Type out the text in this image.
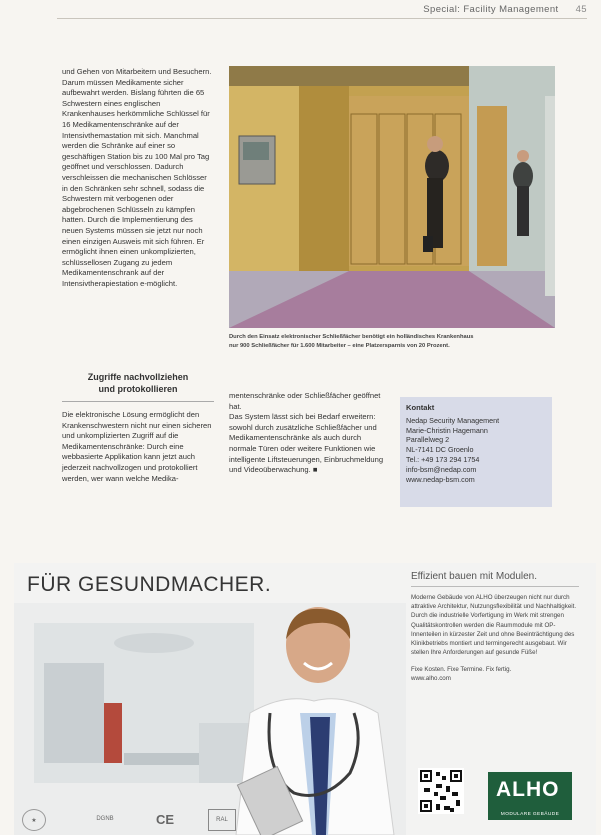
Special: Facility Management 45
und Gehen von Mitarbeitern und Besuchern. Darum müssen Medikamente sicher aufbewahrt werden. Bislang führten die 65 Schwestern eines englischen Krankenhauses herkömmliche Schlüssel für 16 Medikamentenschränke auf der Intensivthemastation mit sich. Manchmal werden die Schränke auf einer so geschäftigen Station bis zu 100 Mal pro Tag geöffnet und verschlossen. Dadurch verschleissen die mechanischen Schlösser in den Schränken sehr schnell, sodass die Schwestern mit verbogenen oder abgebrochenen Schlüsseln zu kämpfen hatten. Durch die Implementierung des neuen Systems müssen sie jetzt nur noch einen einzigen Ausweis mit sich führen. Er ermöglicht ihnen einen unkomplizierten, schlüssellosen Zugang zu jedem Medikamentenschrank auf der Intensivtherapiestation e-möglicht.
Durch den Einsatz elektronischer Schließfächer benötigt ein holländisches Krankenhaus
nur 900 Schließfächer für 1.600 Mitarbeiter – eine Platzersparnis von 20 Prozent.
Zugriffe nachvollziehen
und protokollieren
Die elektronische Lösung ermöglicht den Krankenschwestern nicht nur einen sicheren und unkomplizierten Zugriff auf die Medikamentenschränke: Durch eine webbasierte Applikation kann jetzt auch jederzeit nachvollzogen und protokolliert werden, wer wann welche Medika-
mentenschränke oder Schließfächer geöffnet hat.
Das System lässt sich bei Bedarf erweitern: sowohl durch zusätzliche Schließfächer und Medikamentenschränke als auch durch normale Türen oder weitere Funktionen wie intelligente Liftsteuerungen, Einbruchmeldung und Videoüberwachung. ■
Kontakt
Nedap Security Management
Marie-Christin Hagemann
Parallelweg 2
NL-7141 DC Groenlo
Tel.: +49 173 294 1754
info-bsm@nedap.com
www.nedap-bsm.com
FÜR GESUNDMACHER.	Effizient bauen mit Modulen.
Moderne Gebäude von ALHO überzeugen nicht nur durch attraktive Architektur, Nutzungsflexibilität und Nachhaltigkeit. Durch die industrielle Vorfertigung im Werk mit strengen Qualitätskontrollen werden die Raummodule mit OP-Innenteilen in kürzester Zeit und ohne Beeinträchtigung des Klinikbetriebs montiert und termingerecht ausgebaut. Wir stellen Ihre Anforderungen auf gesunde Füße!
Fixe Kosten. Fixe Termine. Fix fertig.
www.alho.com
ALHO
MODULARE GEBÄUDE
★	DGNB	CE	RAL
